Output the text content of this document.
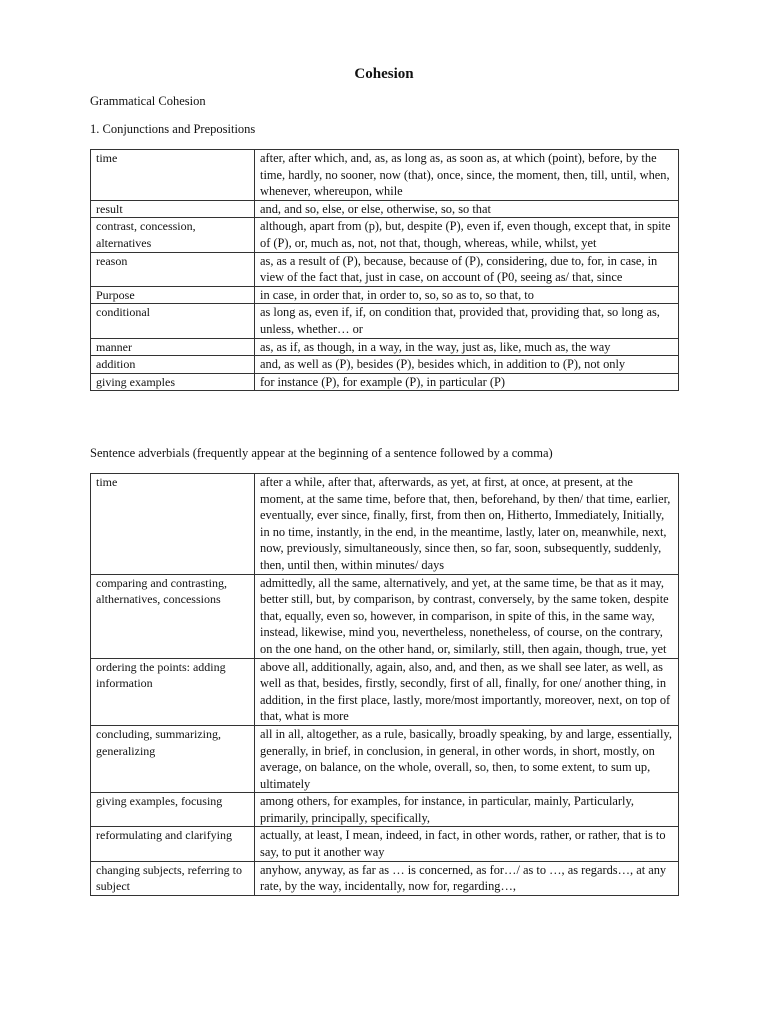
Cohesion
Grammatical Cohesion
1. Conjunctions and Prepositions
time	after, after which, and, as, as long as, as soon as, at which (point), before, by the time, hardly, no sooner, now (that), once, since, the moment, then, till, until, when, whenever, whereupon, while
result	and, and so, else, or else, otherwise, so, so that
contrast, concession, alternatives	although, apart from (p), but, despite (P), even if, even though, except that, in spite of (P), or, much as, not, not that, though, whereas, while, whilst, yet
reason	as, as a result of (P), because, because of (P), considering, due to, for, in case, in view of the fact that, just in case, on account of (P0, seeing as/ that, since
Purpose	in case, in order that, in order to, so, so as to, so that, to
conditional	as long as, even if, if, on condition that, provided that, providing that, so long as, unless, whether… or
manner	as, as if, as though, in a way, in the way, just as, like, much as, the way
addition	and, as well as (P), besides (P), besides which, in addition to (P), not only
giving examples	for instance (P), for example (P), in particular (P)
Sentence adverbials (frequently appear at the beginning of a sentence followed by a comma)
time	after a while, after that, afterwards, as yet, at first, at once, at present, at the moment, at the same time, before that, then, beforehand, by then/ that time, earlier, eventually, ever since, finally, first, from then on, Hitherto, Immediately, Initially, in no time, instantly, in the end, in the meantime, lastly, later on, meanwhile, next, now, previously, simultaneously, since then, so far, soon, subsequently, suddenly, then, until then, within minutes/ days
comparing and contrasting, althernatives, concessions	admittedly, all the same, alternatively, and yet, at the same time, be that as it may, better still, but, by comparison, by contrast, conversely, by the same token, despite that, equally, even so, however, in comparison, in spite of this, in the same way, instead, likewise, mind you, nevertheless, nonetheless, of course, on the contrary, on the one hand, on the other hand, or, similarly, still, then again, though, true, yet
ordering the points: adding information	above all, additionally, again, also, and, and then, as we shall see later, as well, as well as that, besides, firstly, secondly, first of all, finally, for one/ another thing, in addition, in the first place, lastly, more/most importantly, moreover, next, on top of that, what is more
concluding, summarizing, generalizing	all in all, altogether, as a rule, basically, broadly speaking, by and large, essentially, generally, in brief, in conclusion, in general, in other words, in short, mostly, on average, on balance, on the whole, overall, so, then, to some extent, to sum up, ultimately
giving examples, focusing	among others, for examples, for instance, in particular, mainly, Particularly, primarily, principally, specifically,
reformulating and clarifying	actually, at least, I mean, indeed, in fact, in other words, rather, or rather, that is to say, to put it another way
changing subjects, referring to subject	anyhow, anyway, as far as … is concerned, as for…/ as to …, as regards…, at any rate, by the way, incidentally, now for, regarding…,
